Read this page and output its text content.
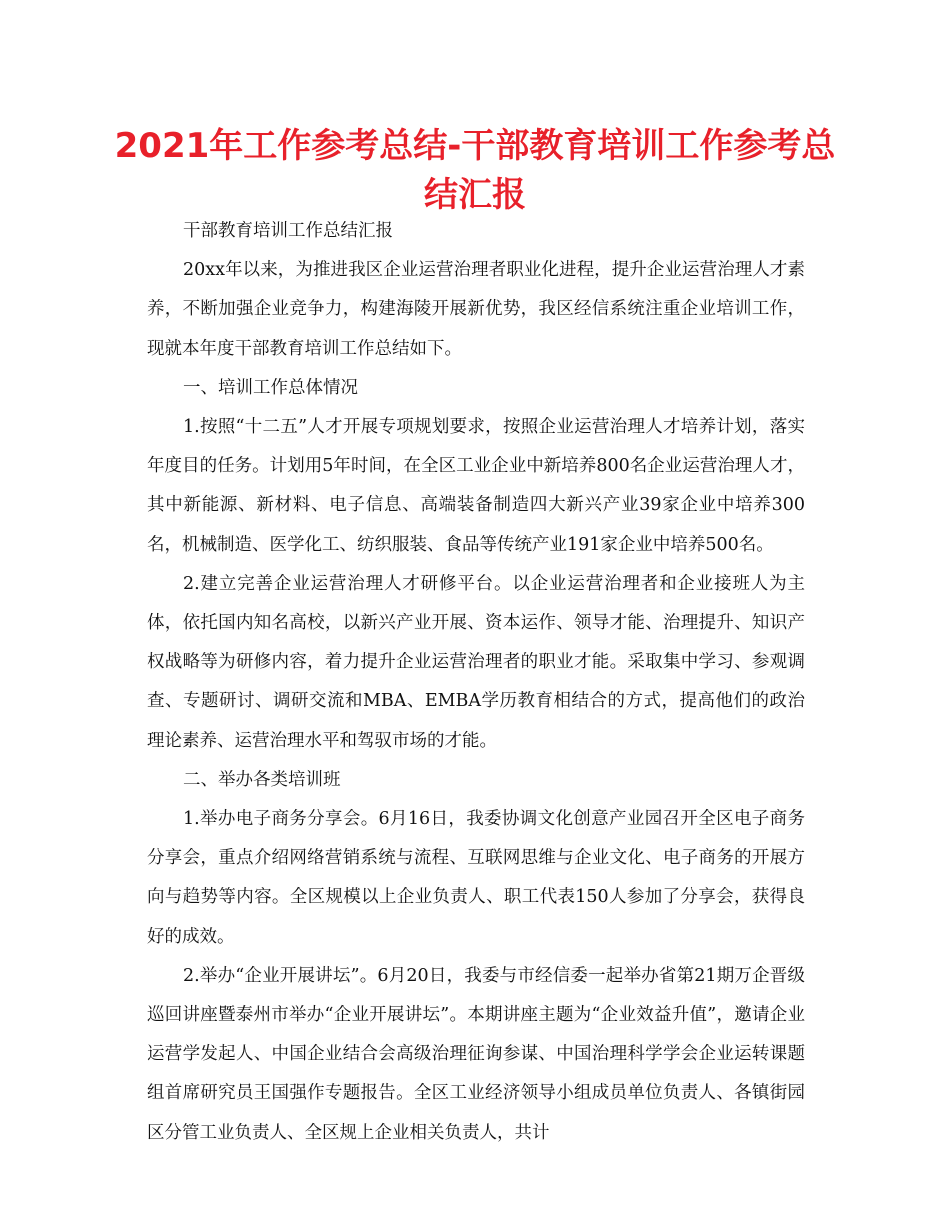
2021年工作参考总结-干部教育培训工作参考总结汇报

干部教育培训工作总结汇报

20xx年以来，为推进我区企业运营治理者职业化进程，提升企业运营治理人才素养，不断加强企业竞争力，构建海陵开展新优势，我区经信系统注重企业培训工作，现就本年度干部教育培训工作总结如下。

一、培训工作总体情况

1.按照“十二五”人才开展专项规划要求，按照企业运营治理人才培养计划，落实年度目的任务。计划用5年时间，在全区工业企业中新培养800名企业运营治理人才，其中新能源、新材料、电子信息、高端装备制造四大新兴产业39家企业中培养300名，机械制造、医学化工、纺织服装、食品等传统产业191家企业中培养500名。

2.建立完善企业运营治理人才研修平台。以企业运营治理者和企业接班人为主体，依托国内知名高校，以新兴产业开展、资本运作、领导才能、治理提升、知识产权战略等为研修内容，着力提升企业运营治理者的职业才能。采取集中学习、参观调查、专题研讨、调研交流和MBA、EMBA学历教育相结合的方式，提高他们的政治理论素养、运营治理水平和驾驭市场的才能。

二、举办各类培训班

1.举办电子商务分享会。6月16日，我委协调文化创意产业园召开全区电子商务分享会，重点介绍网络营销系统与流程、互联网思维与企业文化、电子商务的开展方向与趋势等内容。全区规模以上企业负责人、职工代表150人参加了分享会，获得良好的成效。

2.举办“企业开展讲坛”。6月20日，我委与市经信委一起举办省第21期万企晋级巡回讲座暨泰州市举办“企业开展讲坛”。本期讲座主题为“企业效益升值”，邀请企业运营学发起人、中国企业结合会高级治理征询参谋、中国治理科学学会企业运转课题组首席研究员王国强作专题报告。全区工业经济领导小组成员单位负责人、各镇街园区分管工业负责人、全区规上企业相关负责人，共计
